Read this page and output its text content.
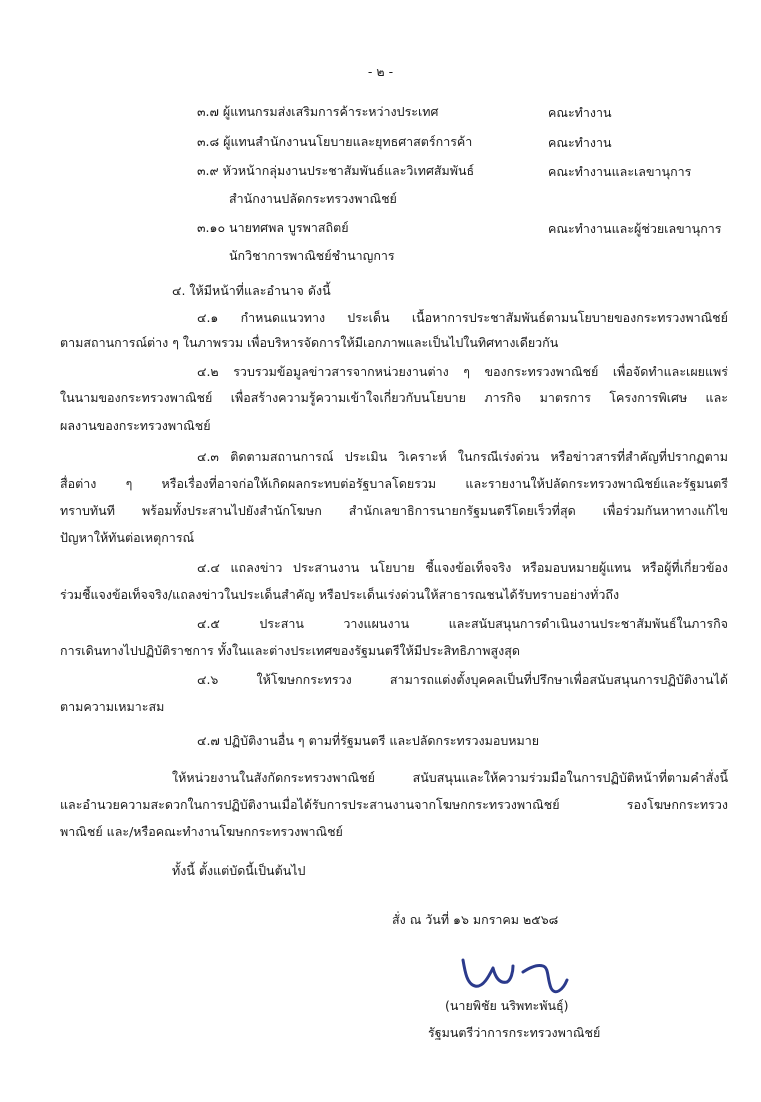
- ๒ -
๓.๗ ผู้แทนกรมส่งเสริมการค้าระหว่างประเทศ	คณะทำงาน
๓.๘ ผู้แทนสำนักงานนโยบายและยุทธศาสตร์การค้า	คณะทำงาน
๓.๙ หัวหน้ากลุ่มงานประชาสัมพันธ์และวิเทศสัมพันธ์	คณะทำงานและเลขานุการ
สำนักงานปลัดกระทรวงพาณิชย์
๓.๑๐ นายทศพล บูรพาสถิตย์	คณะทำงานและผู้ช่วยเลขานุการ
นักวิชาการพาณิชย์ชำนาญการ
๔. ให้มีหน้าที่และอำนาจ ดังนี้
๔.๑ กำหนดแนวทาง ประเด็น เนื้อหาการประชาสัมพันธ์ตามนโยบายของกระทรวงพาณิชย์
ตามสถานการณ์ต่าง ๆ ในภาพรวม เพื่อบริหารจัดการให้มีเอกภาพและเป็นไปในทิศทางเดียวกัน
๔.๒ รวบรวมข้อมูลข่าวสารจากหน่วยงานต่าง ๆ ของกระทรวงพาณิชย์ เพื่อจัดทำและเผยแพร่
ในนามของกระทรวงพาณิชย์ เพื่อสร้างความรู้ความเข้าใจเกี่ยวกับนโยบาย ภารกิจ มาตรการ โครงการพิเศษ และ
ผลงานของกระทรวงพาณิชย์
๔.๓ ติดตามสถานการณ์ ประเมิน วิเคราะห์ ในกรณีเร่งด่วน หรือข่าวสารที่สำคัญที่ปรากฏตาม
สื่อต่าง ๆ หรือเรื่องที่อาจก่อให้เกิดผลกระทบต่อรัฐบาลโดยรวม และรายงานให้ปลัดกระทรวงพาณิชย์และรัฐมนตรี
ทราบทันที พร้อมทั้งประสานไปยังสำนักโฆษก สำนักเลขาธิการนายกรัฐมนตรีโดยเร็วที่สุด เพื่อร่วมกันหาทางแก้ไข
ปัญหาให้ทันต่อเหตุการณ์
๔.๔ แถลงข่าว ประสานงาน นโยบาย ชี้แจงข้อเท็จจริง หรือมอบหมายผู้แทน หรือผู้ที่เกี่ยวข้อง
ร่วมชี้แจงข้อเท็จจริง/แถลงข่าวในประเด็นสำคัญ หรือประเด็นเร่งด่วนให้สาธารณชนได้รับทราบอย่างทั่วถึง
๔.๕ ประสาน วางแผนงาน และสนับสนุนการดำเนินงานประชาสัมพันธ์ในภารกิจ
การเดินทางไปปฏิบัติราชการ ทั้งในและต่างประเทศของรัฐมนตรีให้มีประสิทธิภาพสูงสุด
๔.๖ ให้โฆษกกระทรวง สามารถแต่งตั้งบุคคลเป็นที่ปรึกษาเพื่อสนับสนุนการปฏิบัติงานได้
ตามความเหมาะสม
๔.๗ ปฏิบัติงานอื่น ๆ ตามที่รัฐมนตรี และปลัดกระทรวงมอบหมาย
ให้หน่วยงานในสังกัดกระทรวงพาณิชย์ สนับสนุนและให้ความร่วมมือในการปฏิบัติหน้าที่ตามคำสั่งนี้
และอำนวยความสะดวกในการปฏิบัติงานเมื่อได้รับการประสานงานจากโฆษกกระทรวงพาณิชย์ รองโฆษกกระทรวง
พาณิชย์ และ/หรือคณะทำงานโฆษกกระทรวงพาณิชย์
ทั้งนี้ ตั้งแต่บัดนี้เป็นต้นไป
สั่ง ณ วันที่ ๑๖ มกราคม ๒๕๖๘
(นายพิชัย นริพทะพันธุ์)
รัฐมนตรีว่าการกระทรวงพาณิชย์
